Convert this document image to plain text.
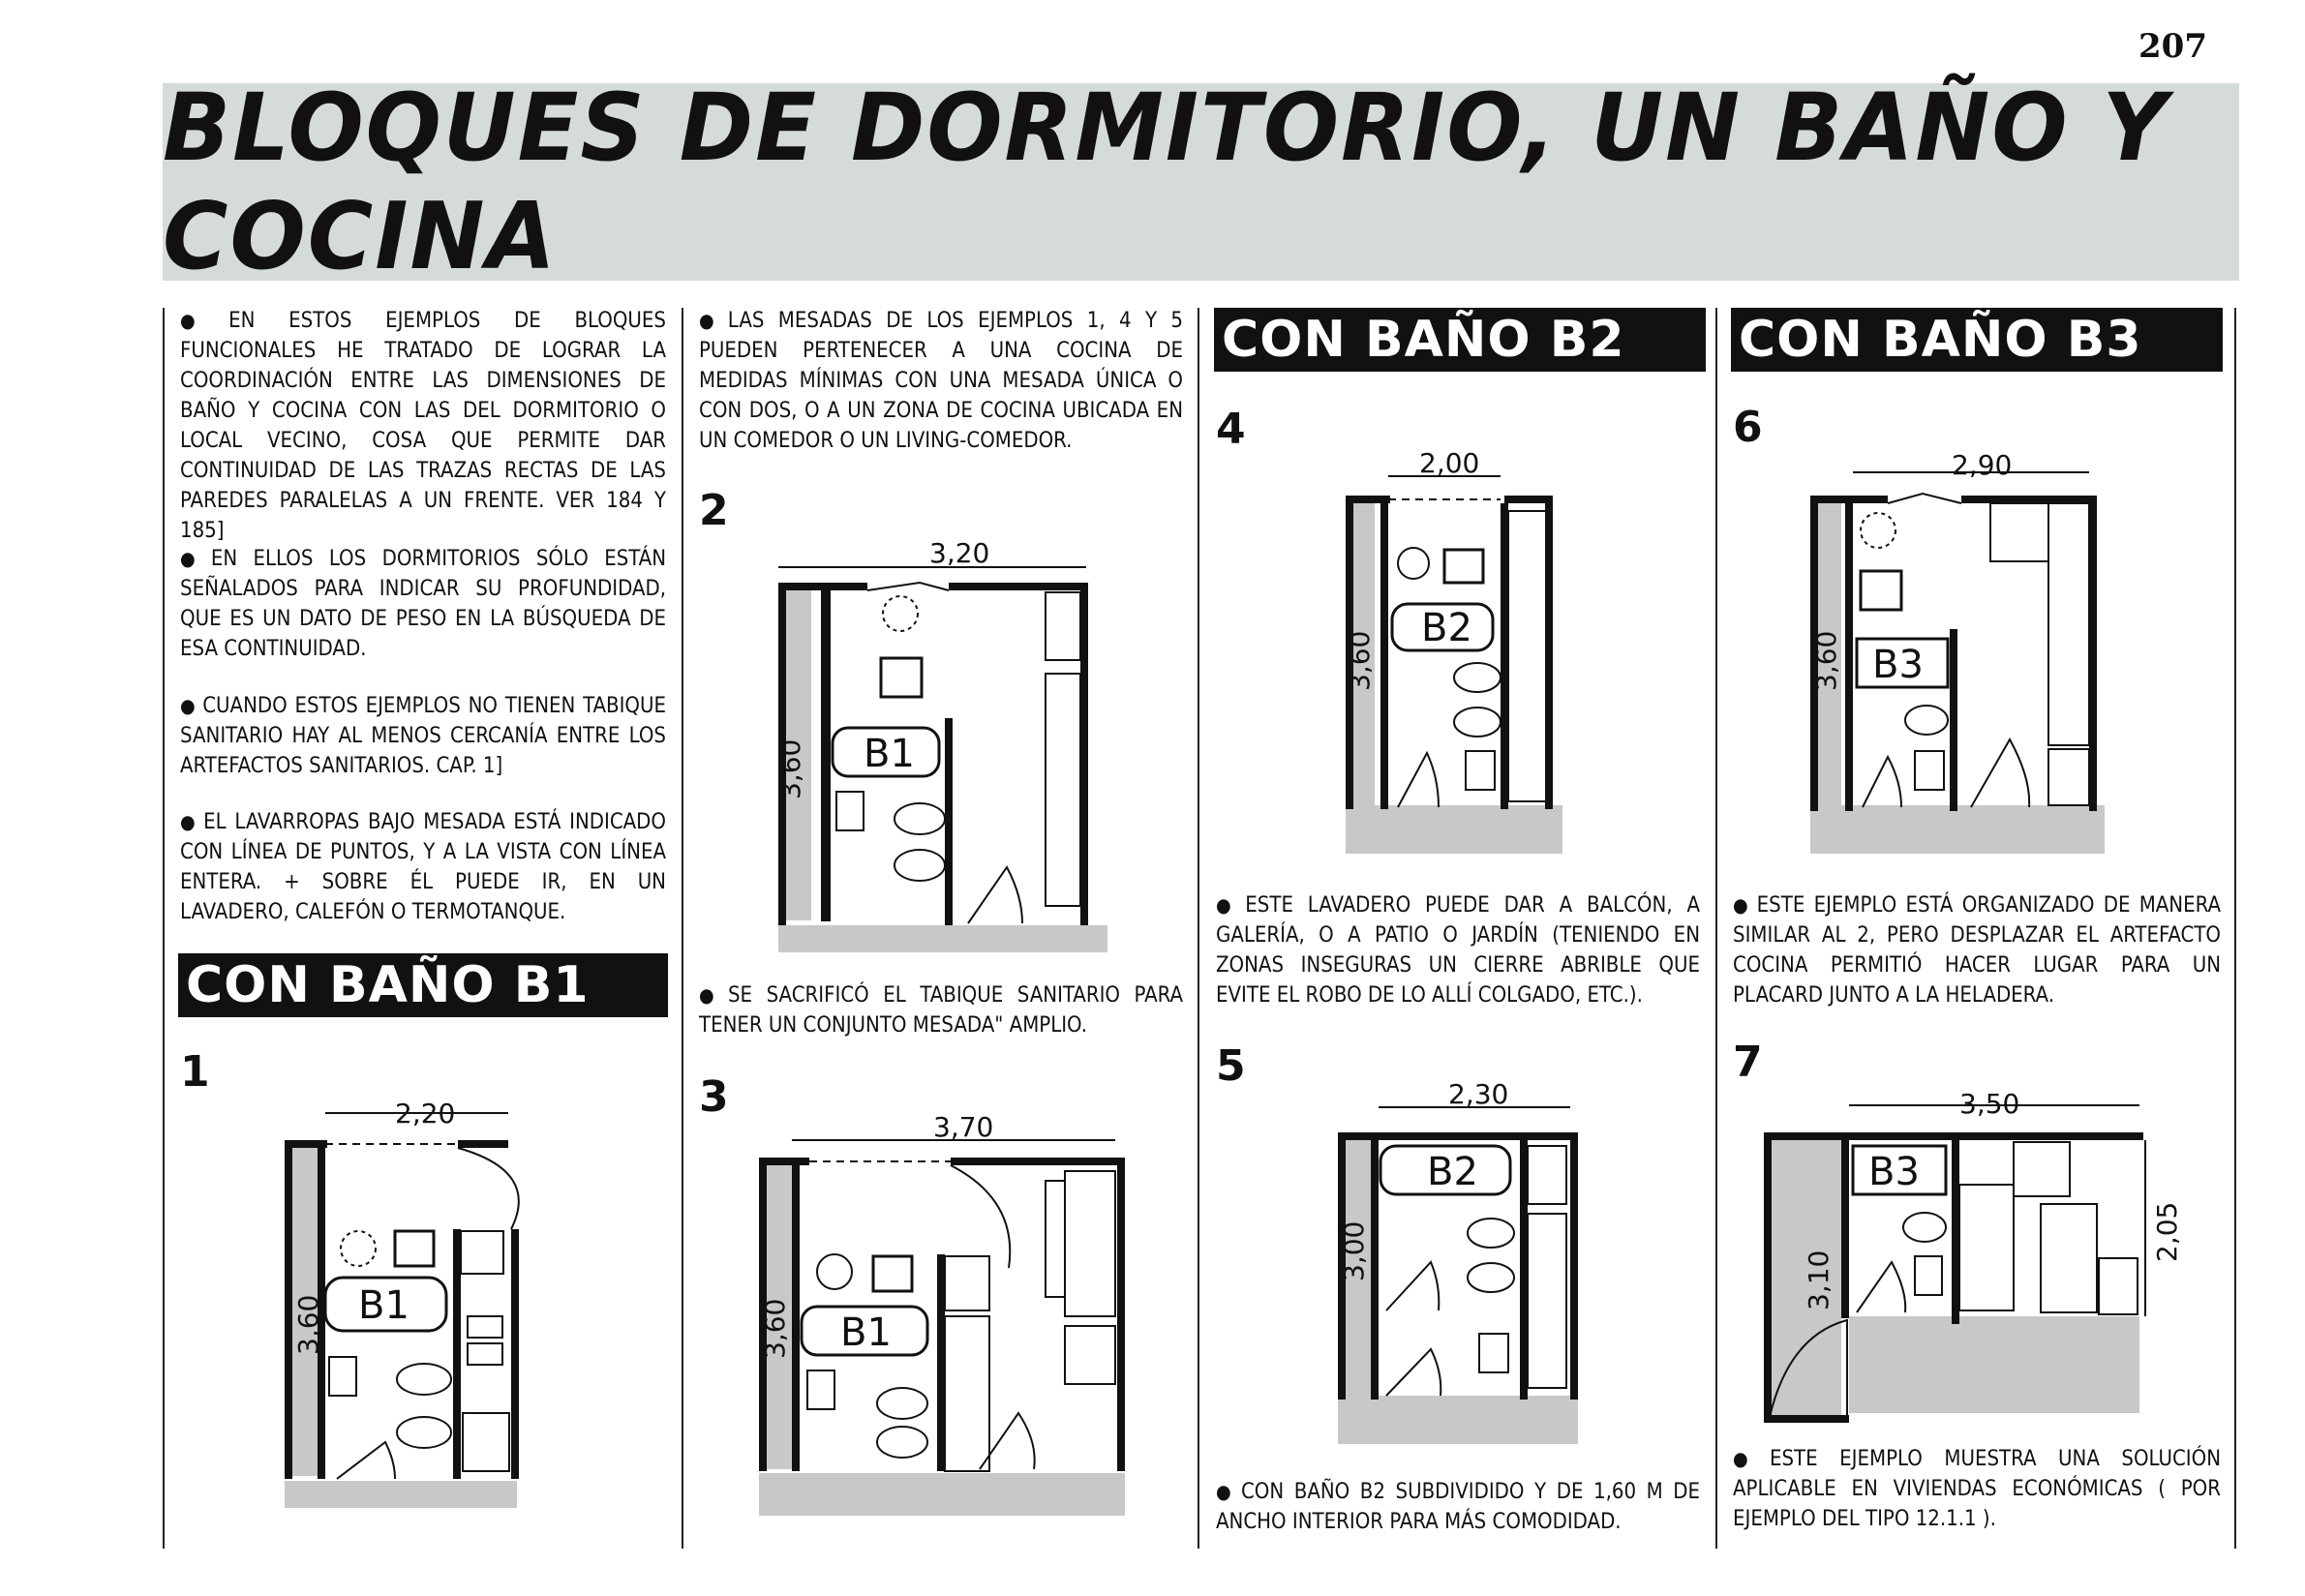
207
BLOQUES DE DORMITORIO, UN BAÑO Y COCINA
● EN ESTOS EJEMPLOS DE BLOQUES FUNCIONALES HE TRATADO DE LOGRAR LA COORDINACIÓN ENTRE LAS DIMENSIONES DE BAÑO Y COCINA CON LAS DEL DORMITORIO O LOCAL VECINO, COSA QUE PERMITE DAR CONTINUIDAD DE LAS TRAZAS RECTAS DE LAS PAREDES PARALELAS A UN FRENTE. VER 184 Y 185]
● EN ELLOS LOS DORMITORIOS SÓLO ESTÁN SEÑALADOS PARA INDICAR SU PROFUNDIDAD, QUE ES UN DATO DE PESO EN LA BÚSQUEDA DE ESA CONTINUIDAD.
● CUANDO ESTOS EJEMPLOS NO TIENEN TABIQUE SANITARIO HAY AL MENOS CERCANÍA ENTRE LOS ARTEFACTOS SANITARIOS. CAP. 1]
● EL LAVARROPAS BAJO MESADA ESTÁ INDICADO CON LÍNEA DE PUNTOS, Y A LA VISTA CON LÍNEA ENTERA. + SOBRE ÉL PUEDE IR, EN UN LAVADERO, CALEFÓN O TERMOTANQUE.
CON BAÑO B1
1
2,20
B1
3,60
● LAS MESADAS DE LOS EJEMPLOS 1, 4 Y 5 PUEDEN PERTENECER A UNA COCINA DE MEDIDAS MÍNIMAS CON UNA MESADA ÚNICA O CON DOS, O A UN ZONA DE COCINA UBICADA EN UN COMEDOR O UN LIVING-COMEDOR.
2
3,20
B1
3,60
● SE SACRIFICÓ EL TABIQUE SANITARIO PARA TENER UN CONJUNTO MESADA" AMPLIO.
3
3,70
B1
3,60
CON BAÑO B2
4
2,00
B2
3,60
● ESTE LAVADERO PUEDE DAR A BALCÓN, A GALERÍA, O A PATIO O JARDÍN (TENIENDO EN ZONAS INSEGURAS UN CIERRE ABRIBLE QUE EVITE EL ROBO DE LO ALLÍ COLGADO, ETC.).
5
2,30
B2
3,00
● CON BAÑO B2 SUBDIVIDIDO Y DE 1,60 M DE ANCHO INTERIOR PARA MÁS COMODIDAD.
CON BAÑO B3
6
2,90
B3
3,60
● ESTE EJEMPLO ESTÁ ORGANIZADO DE MANERA SIMILAR AL 2, PERO DESPLAZAR EL ARTEFACTO COCINA PERMITIÓ HACER LUGAR PARA UN PLACARD JUNTO A LA HELADERA.
7
3,50
2,05
B3
3,10
● ESTE EJEMPLO MUESTRA UNA SOLUCIÓN APLICABLE EN VIVIENDAS ECONÓMICAS ( POR EJEMPLO DEL TIPO 12.1.1 ).
